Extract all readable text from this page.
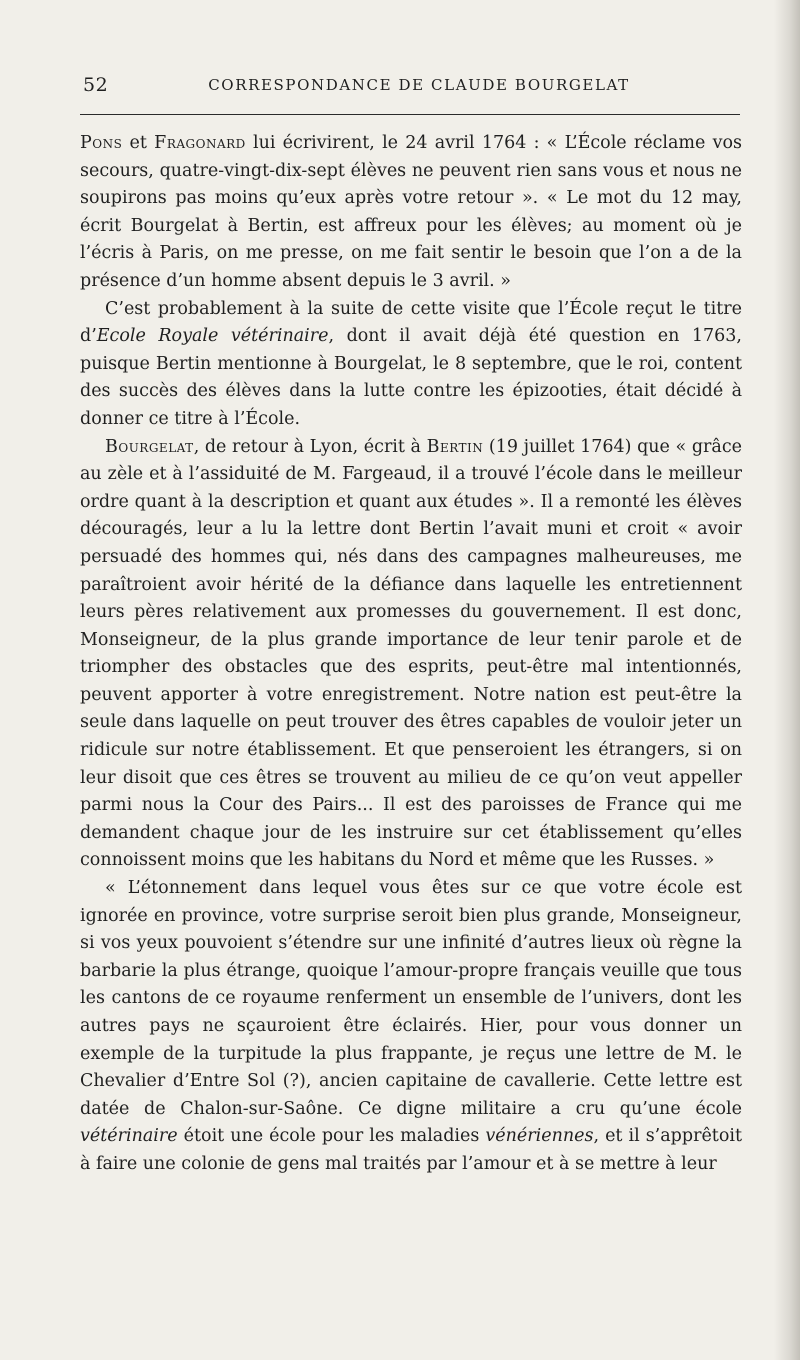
52	CORRESPONDANCE DE CLAUDE BOURGELAT

Pons et Fragonard lui écrivirent, le 24 avril 1764 : « L’École réclame vos secours, quatre-vingt-dix-sept élèves ne peuvent rien sans vous et nous ne soupirons pas moins qu’eux après votre retour ». « Le mot du 12 may, écrit Bourgelat à Bertin, est affreux pour les élèves; au moment où je l’écris à Paris, on me presse, on me fait sentir le besoin que l’on a de la présence d’un homme absent depuis le 3 avril. »

C’est probablement à la suite de cette visite que l’École reçut le titre d’Ecole Royale vétérinaire, dont il avait déjà été question en 1763, puisque Bertin mentionne à Bourgelat, le 8 septembre, que le roi, content des succès des élèves dans la lutte contre les épizooties, était décidé à donner ce titre à l’École.

Bourgelat, de retour à Lyon, écrit à Bertin (19 juillet 1764) que « grâce au zèle et à l’assiduité de M. Fargeaud, il a trouvé l’école dans le meilleur ordre quant à la description et quant aux études ». Il a remonté les élèves découragés, leur a lu la lettre dont Bertin l’avait muni et croit « avoir persuadé des hommes qui, nés dans des campagnes malheureuses, me paraîtroient avoir hérité de la défiance dans laquelle les entretiennent leurs pères relativement aux promesses du gouvernement. Il est donc, Monseigneur, de la plus grande importance de leur tenir parole et de triompher des obstacles que des esprits, peut-être mal intentionnés, peuvent apporter à votre enregistrement. Notre nation est peut-être la seule dans laquelle on peut trouver des êtres capables de vouloir jeter un ridicule sur notre établissement. Et que penseroient les étrangers, si on leur disoit que ces êtres se trouvent au milieu de ce qu’on veut appeller parmi nous la Cour des Pairs... Il est des paroisses de France qui me demandent chaque jour de les instruire sur cet établissement qu’elles connoissent moins que les habitans du Nord et même que les Russes. »

« L’étonnement dans lequel vous êtes sur ce que votre école est ignorée en province, votre surprise seroit bien plus grande, Monseigneur, si vos yeux pouvoient s’étendre sur une infinité d’autres lieux où règne la barbarie la plus étrange, quoique l’amour-propre français veuille que tous les cantons de ce royaume renferment un ensemble de l’univers, dont les autres pays ne sçauroient être éclairés. Hier, pour vous donner un exemple de la turpitude la plus frappante, je reçus une lettre de M. le Chevalier d’Entre Sol (?), ancien capitaine de cavallerie. Cette lettre est datée de Chalon-sur-Saône. Ce digne militaire a cru qu’une école vétérinaire étoit une école pour les maladies vénériennes, et il s’apprêtoit à faire une colonie de gens mal traités par l’amour et à se mettre à leur
